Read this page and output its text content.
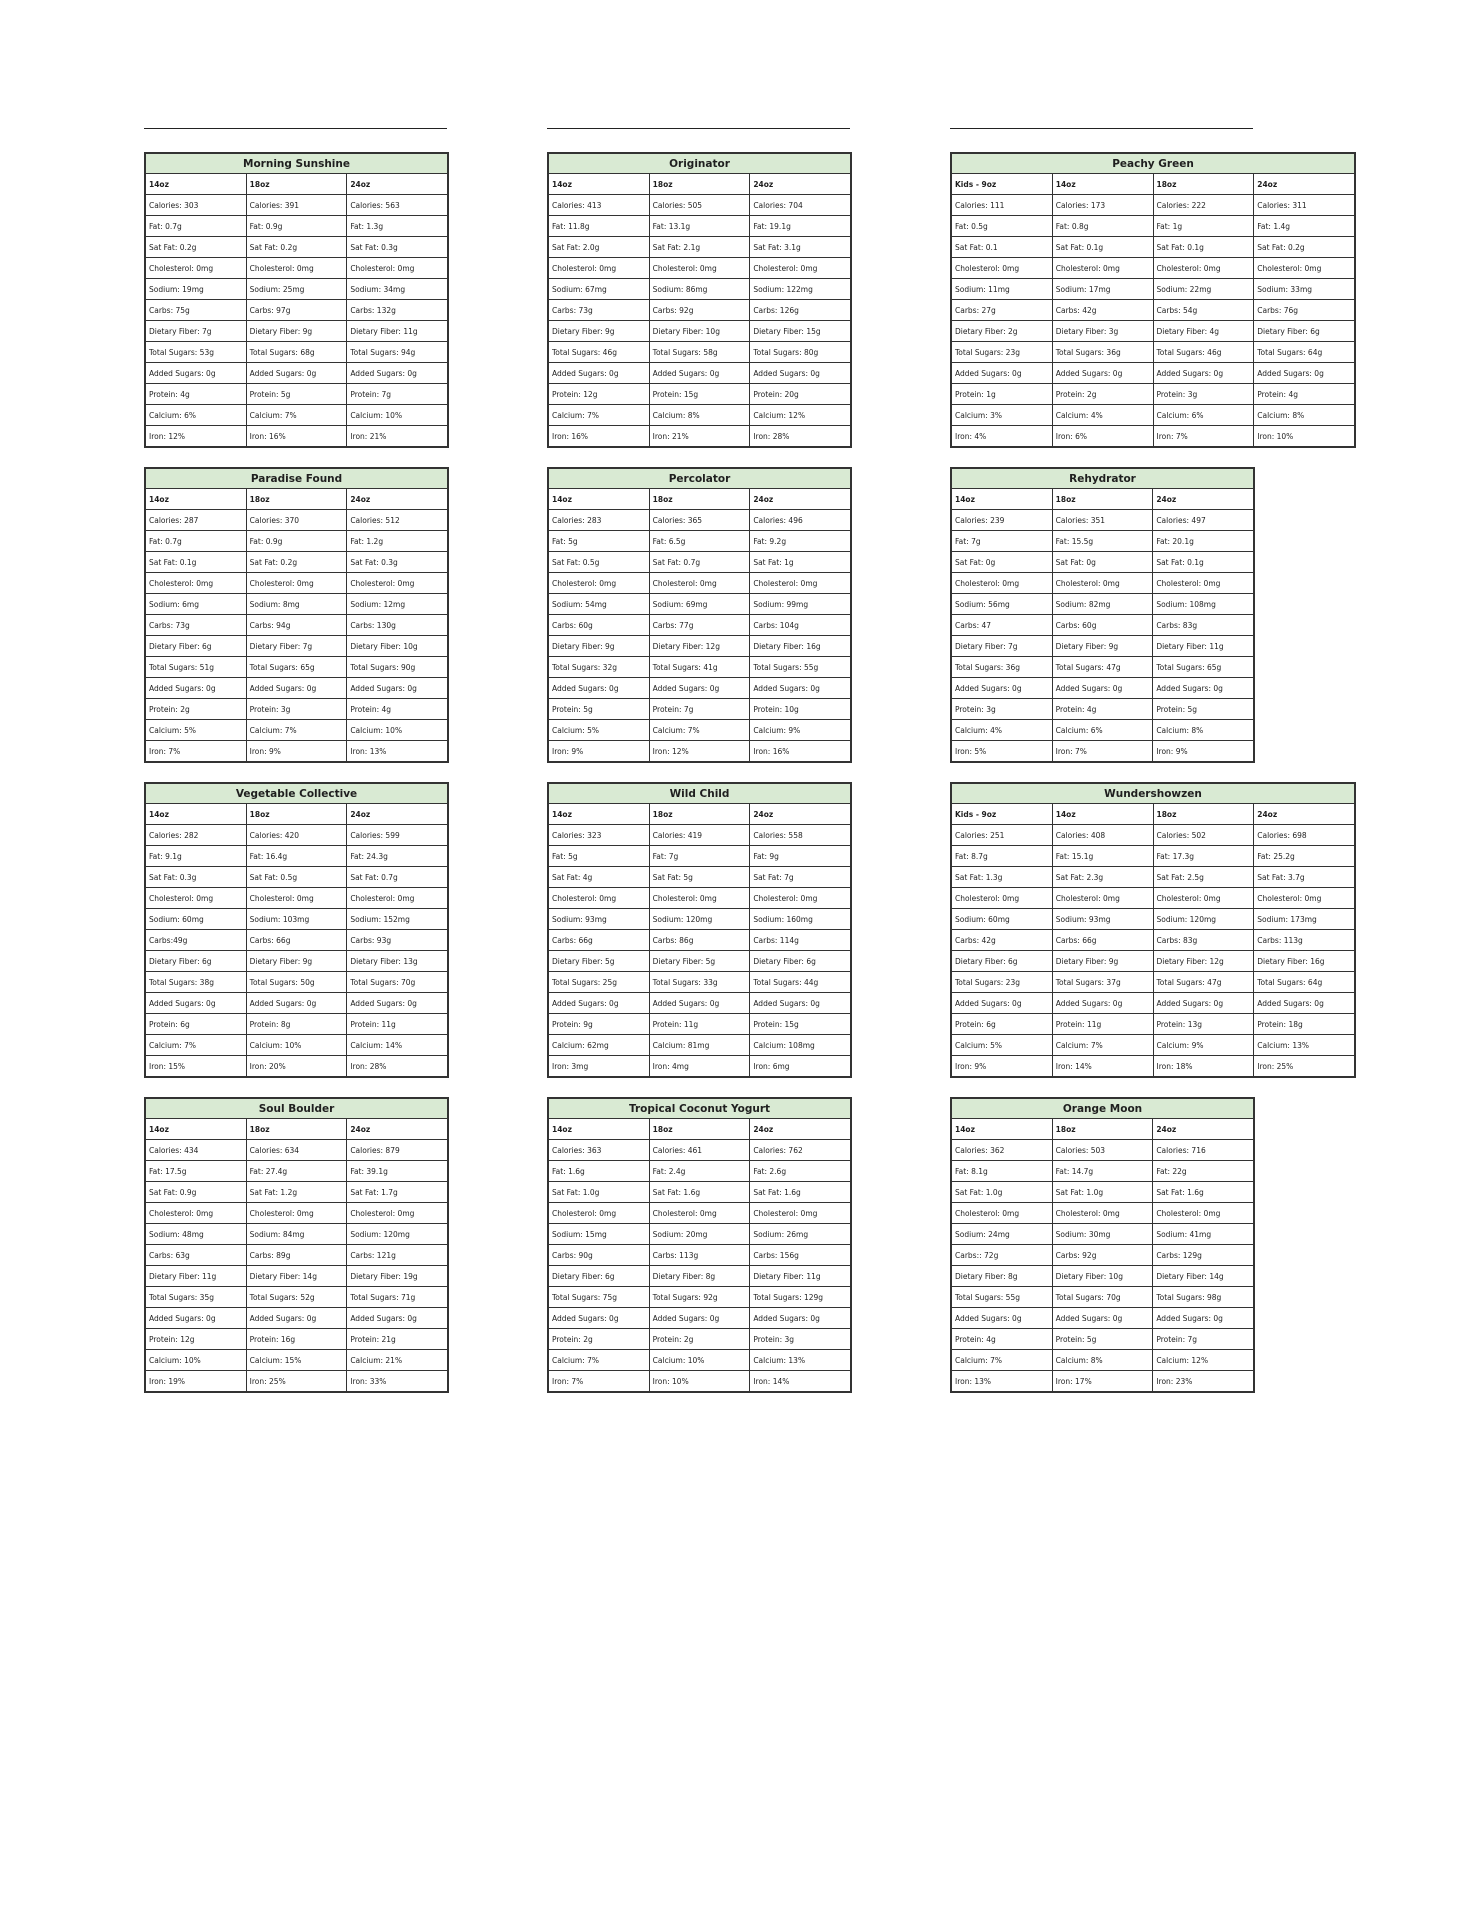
Morning Sunshine		
14oz	18oz	24oz
Calories: 303	Calories: 391	Calories: 563
Fat: 0.7g	Fat: 0.9g	Fat: 1.3g
Sat Fat: 0.2g	Sat Fat: 0.2g	Sat Fat: 0.3g
Cholesterol: 0mg	Cholesterol: 0mg	Cholesterol: 0mg
Sodium: 19mg	Sodium: 25mg	Sodium: 34mg
Carbs: 75g	Carbs: 97g	Carbs: 132g
Dietary Fiber: 7g	Dietary Fiber: 9g	Dietary Fiber: 11g
Total Sugars: 53g	Total Sugars: 68g	Total Sugars: 94g
Added Sugars: 0g	Added Sugars: 0g	Added Sugars: 0g
Protein: 4g	Protein: 5g	Protein: 7g
Calcium: 6%	Calcium: 7%	Calcium: 10%
Iron: 12%	Iron: 16%	Iron: 21%
Originator		
14oz	18oz	24oz
Calories: 413	Calories: 505	Calories: 704
Fat: 11.8g	Fat: 13.1g	Fat: 19.1g
Sat Fat: 2.0g	Sat Fat: 2.1g	Sat Fat: 3.1g
Cholesterol: 0mg	Cholesterol: 0mg	Cholesterol: 0mg
Sodium: 67mg	Sodium: 86mg	Sodium: 122mg
Carbs: 73g	Carbs: 92g	Carbs: 126g
Dietary Fiber: 9g	Dietary Fiber: 10g	Dietary Fiber: 15g
Total Sugars: 46g	Total Sugars: 58g	Total Sugars: 80g
Added Sugars: 0g	Added Sugars: 0g	Added Sugars: 0g
Protein: 12g	Protein: 15g	Protein: 20g
Calcium: 7%	Calcium: 8%	Calcium: 12%
Iron: 16%	Iron: 21%	Iron: 28%
Peachy Green			
Kids - 9oz	14oz	18oz	24oz
Calories: 111	Calories: 173	Calories: 222	Calories: 311
Fat: 0.5g	Fat: 0.8g	Fat: 1g	Fat: 1.4g
Sat Fat: 0.1	Sat Fat: 0.1g	Sat Fat: 0.1g	Sat Fat: 0.2g
Cholesterol: 0mg	Cholesterol: 0mg	Cholesterol: 0mg	Cholesterol: 0mg
Sodium: 11mg	Sodium: 17mg	Sodium: 22mg	Sodium: 33mg
Carbs: 27g	Carbs: 42g	Carbs: 54g	Carbs: 76g
Dietary Fiber: 2g	Dietary Fiber: 3g	Dietary Fiber: 4g	Dietary Fiber: 6g
Total Sugars: 23g	Total Sugars: 36g	Total Sugars: 46g	Total Sugars: 64g
Added Sugars: 0g	Added Sugars: 0g	Added Sugars: 0g	Added Sugars: 0g
Protein: 1g	Protein: 2g	Protein: 3g	Protein: 4g
Calcium: 3%	Calcium: 4%	Calcium: 6%	Calcium: 8%
Iron: 4%	Iron: 6%	Iron: 7%	Iron: 10%
Paradise Found		
14oz	18oz	24oz
Calories: 287	Calories: 370	Calories: 512
Fat: 0.7g	Fat: 0.9g	Fat: 1.2g
Sat Fat: 0.1g	Sat Fat: 0.2g	Sat Fat: 0.3g
Cholesterol: 0mg	Cholesterol: 0mg	Cholesterol: 0mg
Sodium: 6mg	Sodium: 8mg	Sodium: 12mg
Carbs: 73g	Carbs: 94g	Carbs: 130g
Dietary Fiber: 6g	Dietary Fiber: 7g	Dietary Fiber: 10g
Total Sugars: 51g	Total Sugars: 65g	Total Sugars: 90g
Added Sugars: 0g	Added Sugars: 0g	Added Sugars: 0g
Protein: 2g	Protein: 3g	Protein: 4g
Calcium: 5%	Calcium: 7%	Calcium: 10%
Iron: 7%	Iron: 9%	Iron: 13%
Percolator		
14oz	18oz	24oz
Calories: 283	Calories: 365	Calories: 496
Fat: 5g	Fat: 6.5g	Fat: 9.2g
Sat Fat: 0.5g	Sat Fat: 0.7g	Sat Fat: 1g
Cholesterol: 0mg	Cholesterol: 0mg	Cholesterol: 0mg
Sodium: 54mg	Sodium: 69mg	Sodium: 99mg
Carbs: 60g	Carbs: 77g	Carbs: 104g
Dietary Fiber: 9g	Dietary Fiber: 12g	Dietary Fiber: 16g
Total Sugars: 32g	Total Sugars: 41g	Total Sugars: 55g
Added Sugars: 0g	Added Sugars: 0g	Added Sugars: 0g
Protein: 5g	Protein: 7g	Protein: 10g
Calcium: 5%	Calcium: 7%	Calcium: 9%
Iron: 9%	Iron: 12%	Iron: 16%
Rehydrator		
14oz	18oz	24oz
Calories: 239	Calories: 351	Calories: 497
Fat: 7g	Fat: 15.5g	Fat: 20.1g
Sat Fat: 0g	Sat Fat: 0g	Sat Fat: 0.1g
Cholesterol: 0mg	Cholesterol: 0mg	Cholesterol: 0mg
Sodium: 56mg	Sodium: 82mg	Sodium: 108mg
Carbs: 47	Carbs: 60g	Carbs: 83g
Dietary Fiber: 7g	Dietary Fiber: 9g	Dietary Fiber: 11g
Total Sugars: 36g	Total Sugars: 47g	Total Sugars: 65g
Added Sugars: 0g	Added Sugars: 0g	Added Sugars: 0g
Protein: 3g	Protein: 4g	Protein: 5g
Calcium: 4%	Calcium: 6%	Calcium: 8%
Iron: 5%	Iron: 7%	Iron: 9%
Vegetable Collective		
14oz	18oz	24oz
Calories: 282	Calories: 420	Calories: 599
Fat: 9.1g	Fat: 16.4g	Fat: 24.3g
Sat Fat: 0.3g	Sat Fat: 0.5g	Sat Fat: 0.7g
Cholesterol: 0mg	Cholesterol: 0mg	Cholesterol: 0mg
Sodium: 60mg	Sodium: 103mg	Sodium: 152mg
Carbs:49g	Carbs: 66g	Carbs: 93g
Dietary Fiber: 6g	Dietary Fiber: 9g	Dietary Fiber: 13g
Total Sugars: 38g	Total Sugars: 50g	Total Sugars: 70g
Added Sugars: 0g	Added Sugars: 0g	Added Sugars: 0g
Protein: 6g	Protein: 8g	Protein: 11g
Calcium: 7%	Calcium: 10%	Calcium: 14%
Iron: 15%	Iron: 20%	Iron: 28%
Wild Child		
14oz	18oz	24oz
Calories: 323	Calories: 419	Calories: 558
Fat: 5g	Fat: 7g	Fat: 9g
Sat Fat: 4g	Sat Fat: 5g	Sat Fat: 7g
Cholesterol: 0mg	Cholesterol: 0mg	Cholesterol: 0mg
Sodium: 93mg	Sodium: 120mg	Sodium: 160mg
Carbs: 66g	Carbs: 86g	Carbs: 114g
Dietary Fiber: 5g	Dietary Fiber: 5g	Dietary Fiber: 6g
Total Sugars: 25g	Total Sugars: 33g	Total Sugars: 44g
Added Sugars: 0g	Added Sugars: 0g	Added Sugars: 0g
Protein: 9g	Protein: 11g	Protein: 15g
Calcium: 62mg	Calcium: 81mg	Calcium: 108mg
Iron: 3mg	Iron: 4mg	Iron: 6mg
Wundershowzen			
Kids - 9oz	14oz	18oz	24oz
Calories: 251	Calories: 408	Calories: 502	Calories: 698
Fat: 8.7g	Fat: 15.1g	Fat: 17.3g	Fat: 25.2g
Sat Fat: 1.3g	Sat Fat: 2.3g	Sat Fat: 2.5g	Sat Fat: 3.7g
Cholesterol: 0mg	Cholesterol: 0mg	Cholesterol: 0mg	Cholesterol: 0mg
Sodium: 60mg	Sodium: 93mg	Sodium: 120mg	Sodium: 173mg
Carbs: 42g	Carbs: 66g	Carbs: 83g	Carbs: 113g
Dietary Fiber: 6g	Dietary Fiber: 9g	Dietary Fiber: 12g	Dietary Fiber: 16g
Total Sugars: 23g	Total Sugars: 37g	Total Sugars: 47g	Total Sugars: 64g
Added Sugars: 0g	Added Sugars: 0g	Added Sugars: 0g	Added Sugars: 0g
Protein: 6g	Protein: 11g	Protein: 13g	Protein: 18g
Calcium: 5%	Calcium: 7%	Calcium: 9%	Calcium: 13%
Iron: 9%	Iron: 14%	Iron: 18%	Iron: 25%
Soul Boulder		
14oz	18oz	24oz
Calories: 434	Calories: 634	Calories: 879
Fat: 17.5g	Fat: 27.4g	Fat: 39.1g
Sat Fat: 0.9g	Sat Fat: 1.2g	Sat Fat: 1.7g
Cholesterol: 0mg	Cholesterol: 0mg	Cholesterol: 0mg
Sodium: 48mg	Sodium: 84mg	Sodium: 120mg
Carbs: 63g	Carbs: 89g	Carbs: 121g
Dietary Fiber: 11g	Dietary Fiber: 14g	Dietary Fiber: 19g
Total Sugars: 35g	Total Sugars: 52g	Total Sugars: 71g
Added Sugars: 0g	Added Sugars: 0g	Added Sugars: 0g
Protein: 12g	Protein: 16g	Protein: 21g
Calcium: 10%	Calcium: 15%	Calcium: 21%
Iron: 19%	Iron: 25%	Iron: 33%
Tropical Coconut Yogurt		
14oz	18oz	24oz
Calories: 363	Calories: 461	Calories: 762
Fat: 1.6g	Fat: 2.4g	Fat: 2.6g
Sat Fat: 1.0g	Sat Fat: 1.6g	Sat Fat: 1.6g
Cholesterol: 0mg	Cholesterol: 0mg	Cholesterol: 0mg
Sodium: 15mg	Sodium: 20mg	Sodium: 26mg
Carbs: 90g	Carbs: 113g	Carbs: 156g
Dietary Fiber: 6g	Dietary Fiber: 8g	Dietary Fiber: 11g
Total Sugars: 75g	Total Sugars: 92g	Total Sugars: 129g
Added Sugars: 0g	Added Sugars: 0g	Added Sugars: 0g
Protein: 2g	Protein: 2g	Protein: 3g
Calcium: 7%	Calcium: 10%	Calcium: 13%
Iron: 7%	Iron: 10%	Iron: 14%
Orange Moon		
14oz	18oz	24oz
Calories: 362	Calories: 503	Calories: 716
Fat: 8.1g	Fat: 14.7g	Fat: 22g
Sat Fat: 1.0g	Sat Fat: 1.0g	Sat Fat: 1.6g
Cholesterol: 0mg	Cholesterol: 0mg	Cholesterol: 0mg
Sodium: 24mg	Sodium: 30mg	Sodium: 41mg
Carbs:: 72g	Carbs: 92g	Carbs: 129g
Dietary Fiber: 8g	Dietary Fiber: 10g	Dietary Fiber: 14g
Total Sugars: 55g	Total Sugars: 70g	Total Sugars: 98g
Added Sugars: 0g	Added Sugars: 0g	Added Sugars: 0g
Protein: 4g	Protein: 5g	Protein: 7g
Calcium: 7%	Calcium: 8%	Calcium: 12%
Iron: 13%	Iron: 17%	Iron: 23%
